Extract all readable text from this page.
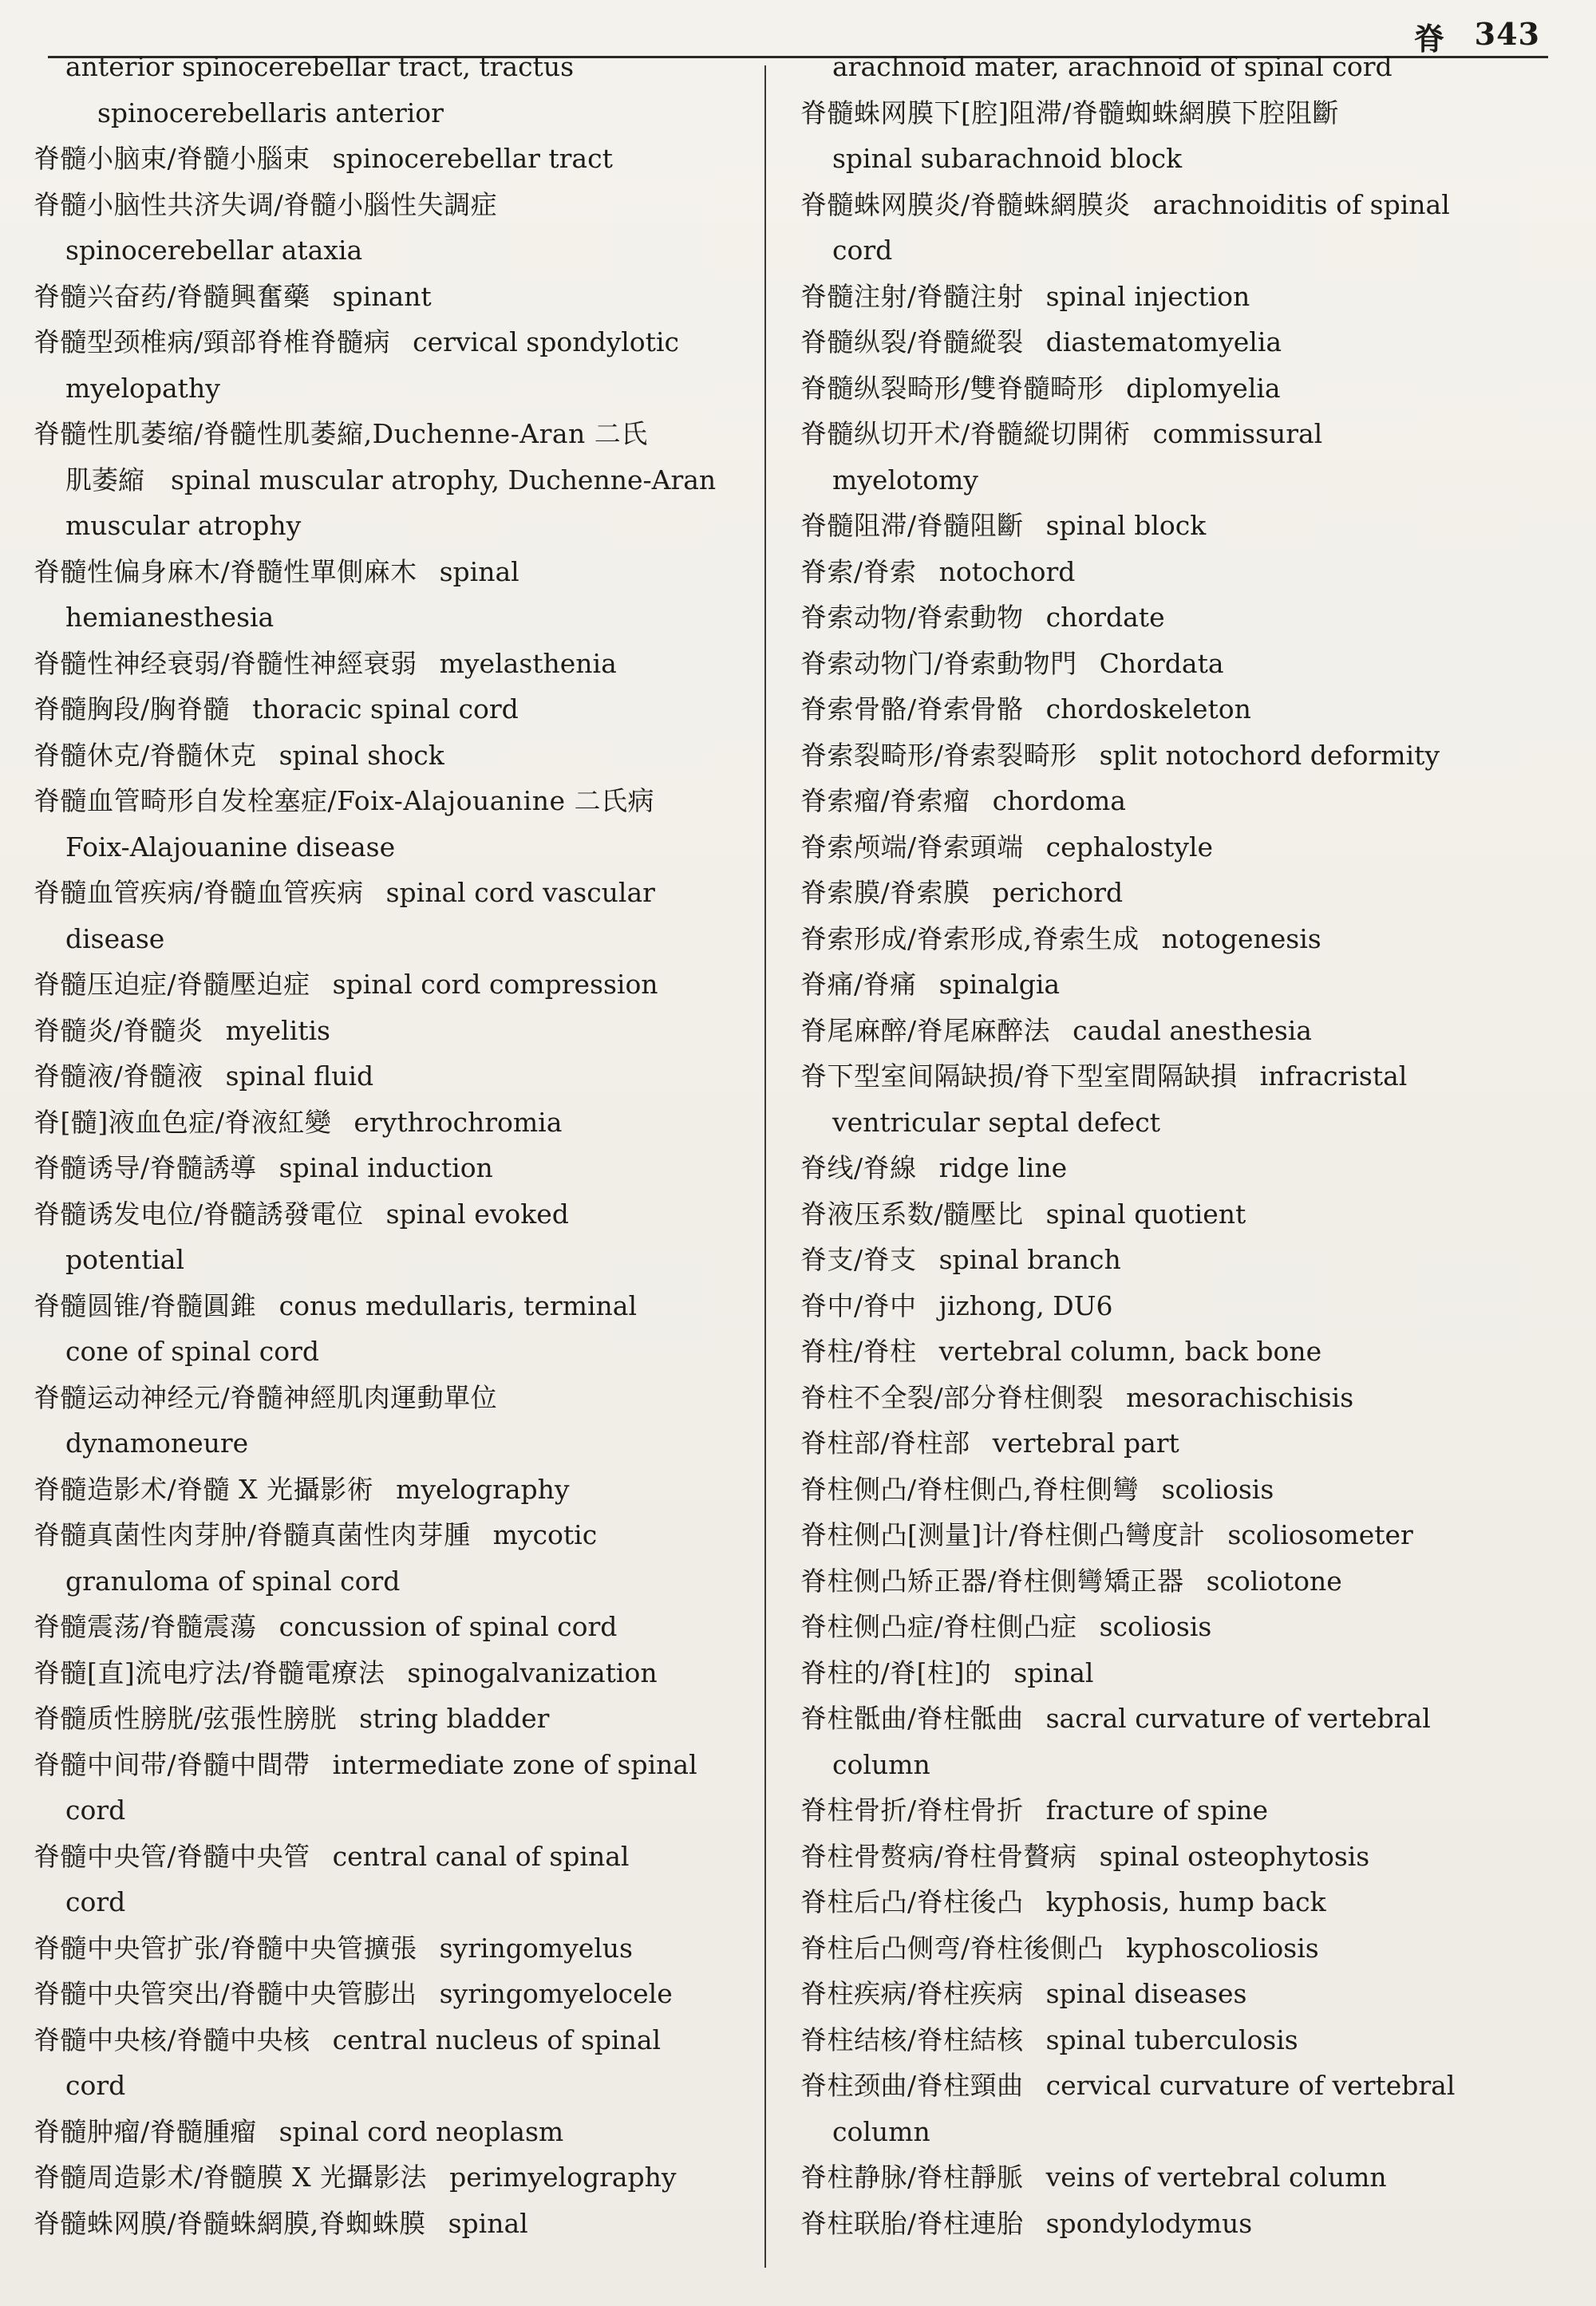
脊 343

anterior spinocerebellar tract, tractus
spinocerebellaris anterior

脊髓小脑束/脊髓小腦束 spinocerebellar tract

脊髓小脑性共济失调/脊髓小腦性失調症
spinocerebellar ataxia

脊髓兴奋药/脊髓興奮藥 spinant

脊髓型颈椎病/頸部脊椎脊髓病 cervical spondylotic
myelopathy

脊髓性肌萎缩/脊髓性肌萎縮,Duchenne-Aran 二氏
肌萎縮　spinal muscular atrophy, Duchenne-Aran

muscular atrophy

脊髓性偏身麻木/脊髓性單側麻木 spinal
hemianesthesia

脊髓性神经衰弱/脊髓性神經衰弱 myelasthenia

脊髓胸段/胸脊髓 thoracic spinal cord

脊髓休克/脊髓休克 spinal shock

脊髓血管畸形自发栓塞症/Foix-Alajouanine 二氏病
Foix-Alajouanine disease

脊髓血管疾病/脊髓血管疾病 spinal cord vascular
disease

脊髓压迫症/脊髓壓迫症 spinal cord compression

脊髓炎/脊髓炎 myelitis

脊髓液/脊髓液 spinal fluid

脊[髓]液血色症/脊液紅變 erythrochromia

脊髓诱导/脊髓誘導 spinal induction

脊髓诱发电位/脊髓誘發電位 spinal evoked
potential

脊髓圆锥/脊髓圓錐 conus medullaris, terminal
cone of spinal cord

脊髓运动神经元/脊髓神經肌肉運動單位
dynamoneure

脊髓造影术/脊髓 X 光攝影術 myelography

脊髓真菌性肉芽肿/脊髓真菌性肉芽腫 mycotic
granuloma of spinal cord

脊髓震荡/脊髓震蕩 concussion of spinal cord

脊髓[直]流电疗法/脊髓電療法 spinogalvanization

脊髓质性膀胱/弦張性膀胱 string bladder

脊髓中间带/脊髓中間帶 intermediate zone of spinal
cord

脊髓中央管/脊髓中央管 central canal of spinal
cord

脊髓中央管扩张/脊髓中央管擴張 syringomyelus

脊髓中央管突出/脊髓中央管膨出 syringomyelocele

脊髓中央核/脊髓中央核 central nucleus of spinal
cord

脊髓肿瘤/脊髓腫瘤 spinal cord neoplasm

脊髓周造影术/脊髓膜 X 光攝影法 perimyelography

脊髓蛛网膜/脊髓蛛網膜,脊蜘蛛膜 spinal

arachnoid mater, arachnoid of spinal cord

脊髓蛛网膜下[腔]阻滞/脊髓蜘蛛網膜下腔阻斷
spinal subarachnoid block

脊髓蛛网膜炎/脊髓蛛網膜炎 arachnoiditis of spinal
cord

脊髓注射/脊髓注射 spinal injection

脊髓纵裂/脊髓縱裂 diastematomyelia

脊髓纵裂畸形/雙脊髓畸形 diplomyelia

脊髓纵切开术/脊髓縱切開術 commissural
myelotomy

脊髓阻滞/脊髓阻斷 spinal block

脊索/脊索 notochord

脊索动物/脊索動物 chordate

脊索动物门/脊索動物門 Chordata

脊索骨骼/脊索骨骼 chordoskeleton

脊索裂畸形/脊索裂畸形 split notochord deformity

脊索瘤/脊索瘤 chordoma

脊索颅端/脊索頭端 cephalostyle

脊索膜/脊索膜 perichord

脊索形成/脊索形成,脊索生成 notogenesis

脊痛/脊痛 spinalgia

脊尾麻醉/脊尾麻醉法 caudal anesthesia

脊下型室间隔缺损/脊下型室間隔缺損 infracristal
ventricular septal defect

脊线/脊線 ridge line

脊液压系数/髓壓比 spinal quotient

脊支/脊支 spinal branch

脊中/脊中 jizhong, DU6

脊柱/脊柱 vertebral column, back bone

脊柱不全裂/部分脊柱側裂 mesorachischisis

脊柱部/脊柱部 vertebral part

脊柱侧凸/脊柱側凸,脊柱側彎 scoliosis

脊柱侧凸[测量]计/脊柱側凸彎度計 scoliosometer

脊柱侧凸矫正器/脊柱側彎矯正器 scoliotone

脊柱侧凸症/脊柱側凸症 scoliosis

脊柱的/脊[柱]的 spinal

脊柱骶曲/脊柱骶曲 sacral curvature of vertebral
column

脊柱骨折/脊柱骨折 fracture of spine

脊柱骨赘病/脊柱骨贅病 spinal osteophytosis

脊柱后凸/脊柱後凸 kyphosis, hump back

脊柱后凸侧弯/脊柱後側凸 kyphoscoliosis

脊柱疾病/脊柱疾病 spinal diseases

脊柱结核/脊柱結核 spinal tuberculosis

脊柱颈曲/脊柱頸曲 cervical curvature of vertebral
column

脊柱静脉/脊柱靜脈 veins of vertebral column

脊柱联胎/脊柱連胎 spondylodymus
